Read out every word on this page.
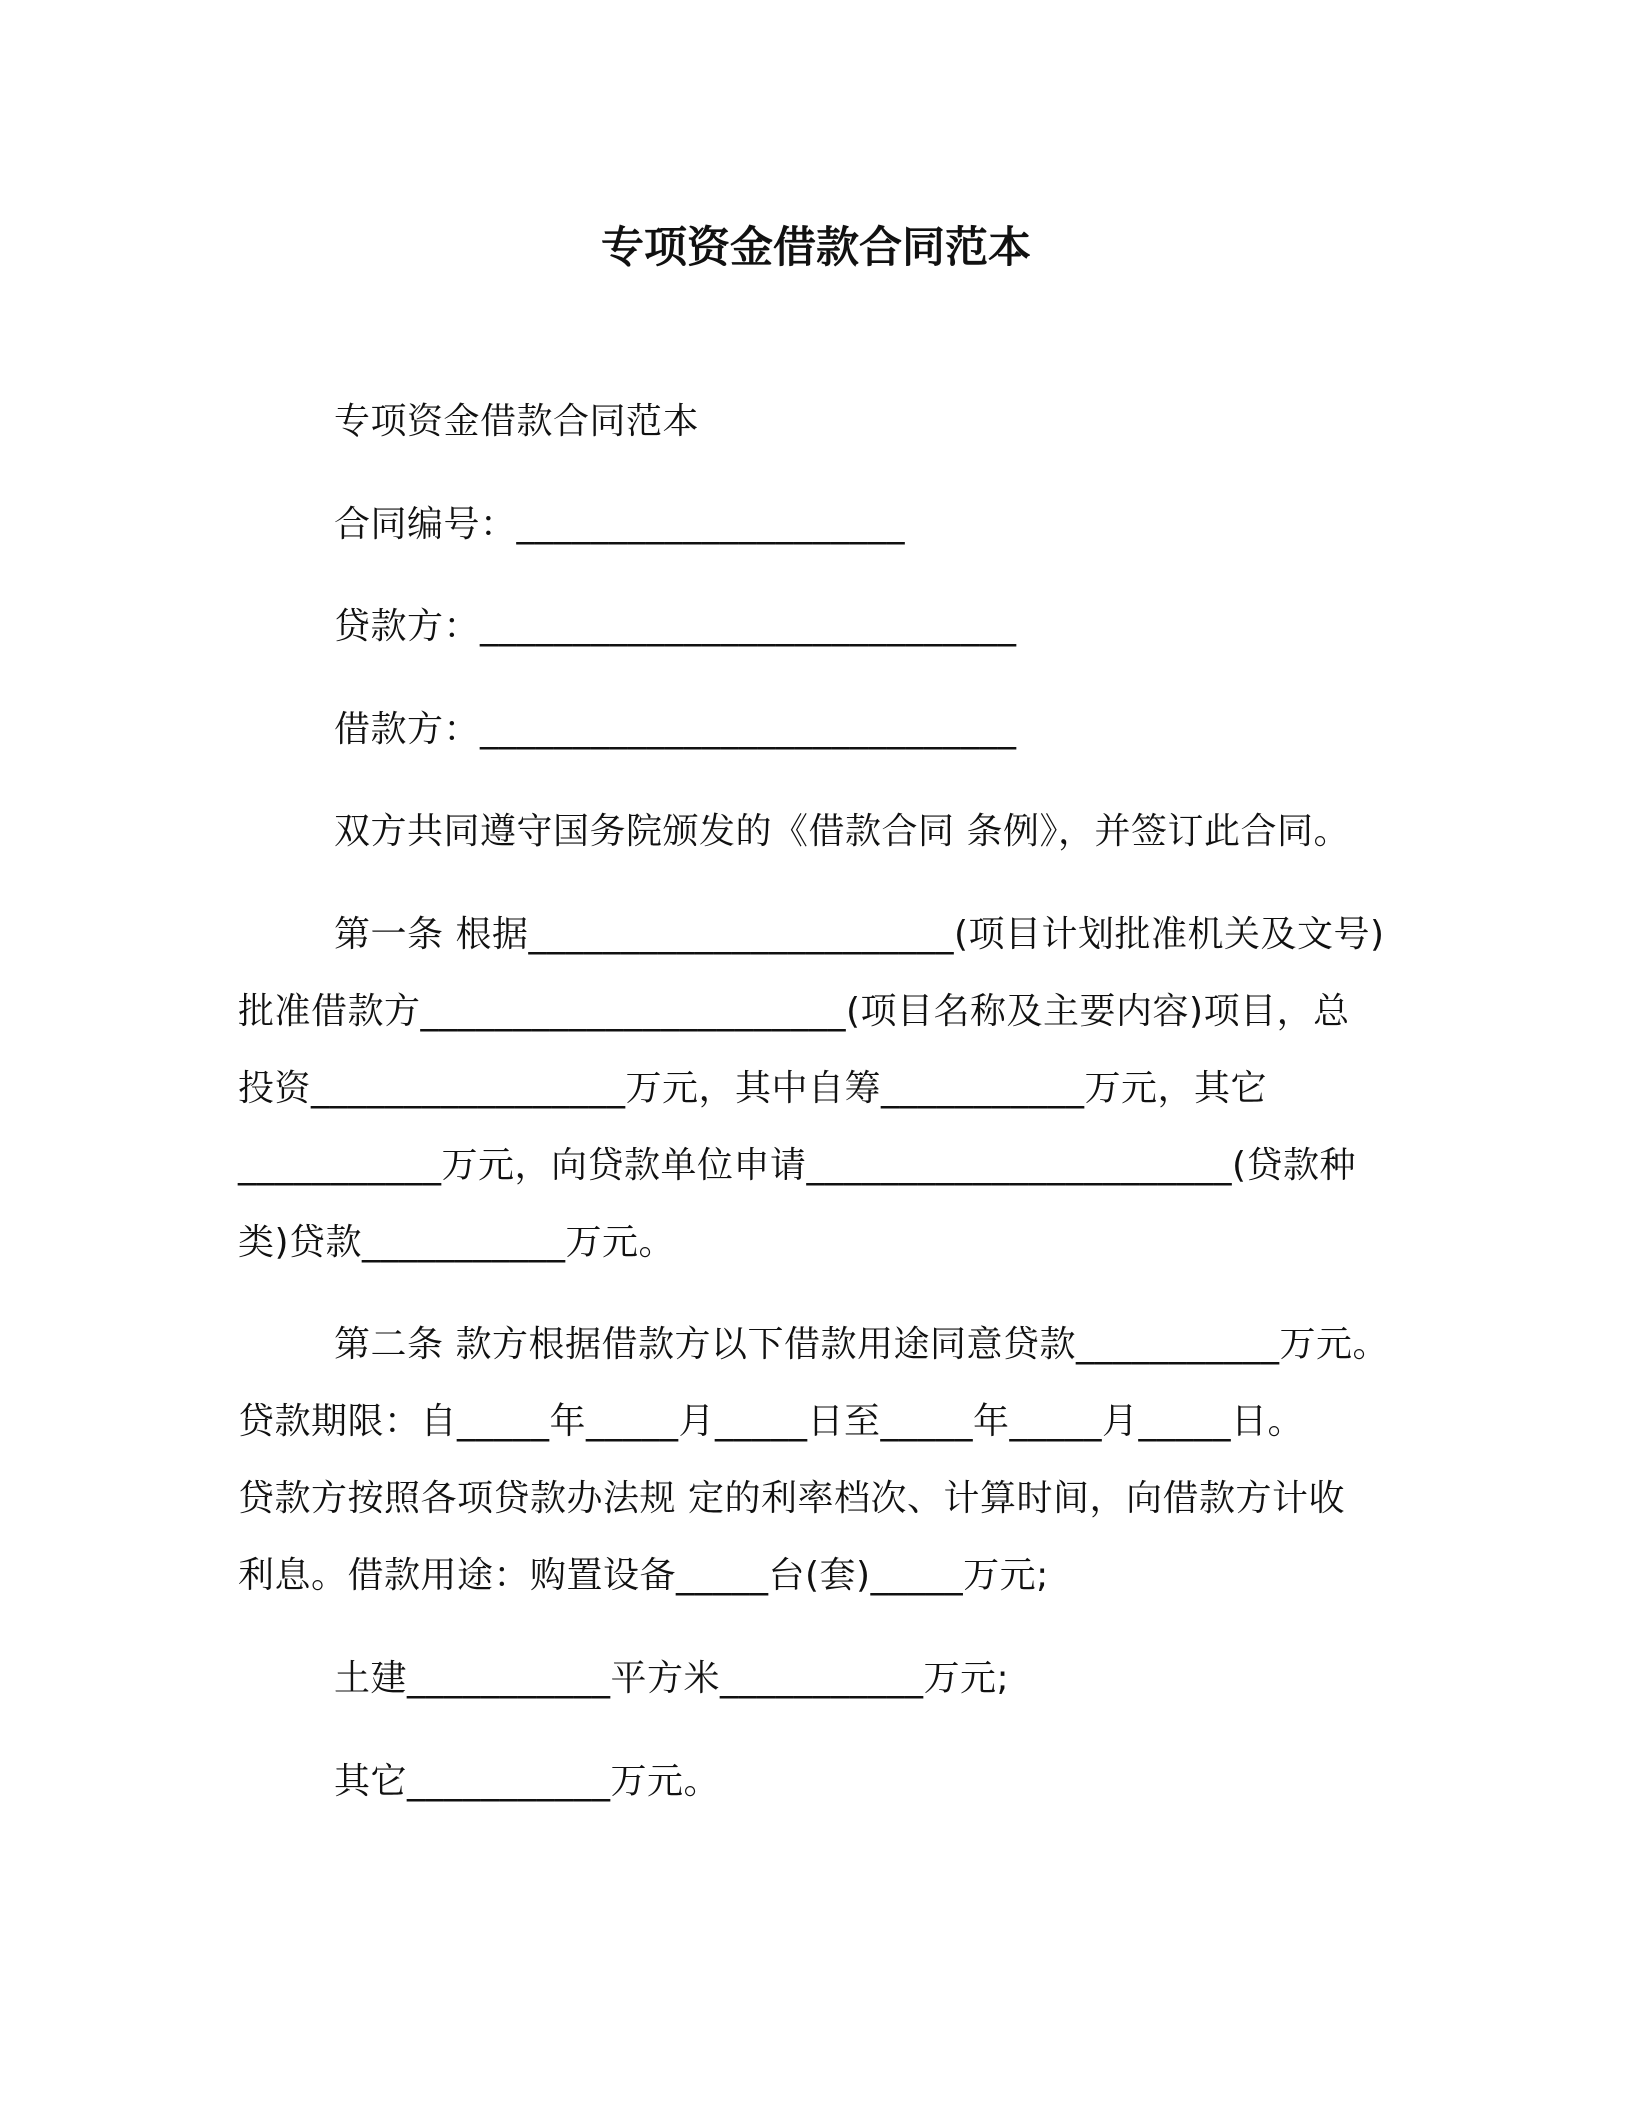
专项资金借款合同范本
专项资金借款合同范本
合同编号：_____________________
贷款方：_____________________________
借款方：_____________________________
双方共同遵守国务院颁发的《借款合同 条例》，并签订此合同。
第一条 根据_______________________(项目计划批准机关及文号)
批准借款方_______________________(项目名称及主要内容)项目，总
投资_________________万元，其中自筹___________万元，其它
___________万元，向贷款单位申请_______________________(贷款种
类)贷款___________万元。
第二条 款方根据借款方以下借款用途同意贷款___________万元。
贷款期限：自_____年_____月_____日至_____年_____月_____日。
贷款方按照各项贷款办法规 定的利率档次、计算时间，向借款方计收
利息。借款用途：购置设备_____台(套)_____万元;
土建___________平方米___________万元;
其它___________万元。
